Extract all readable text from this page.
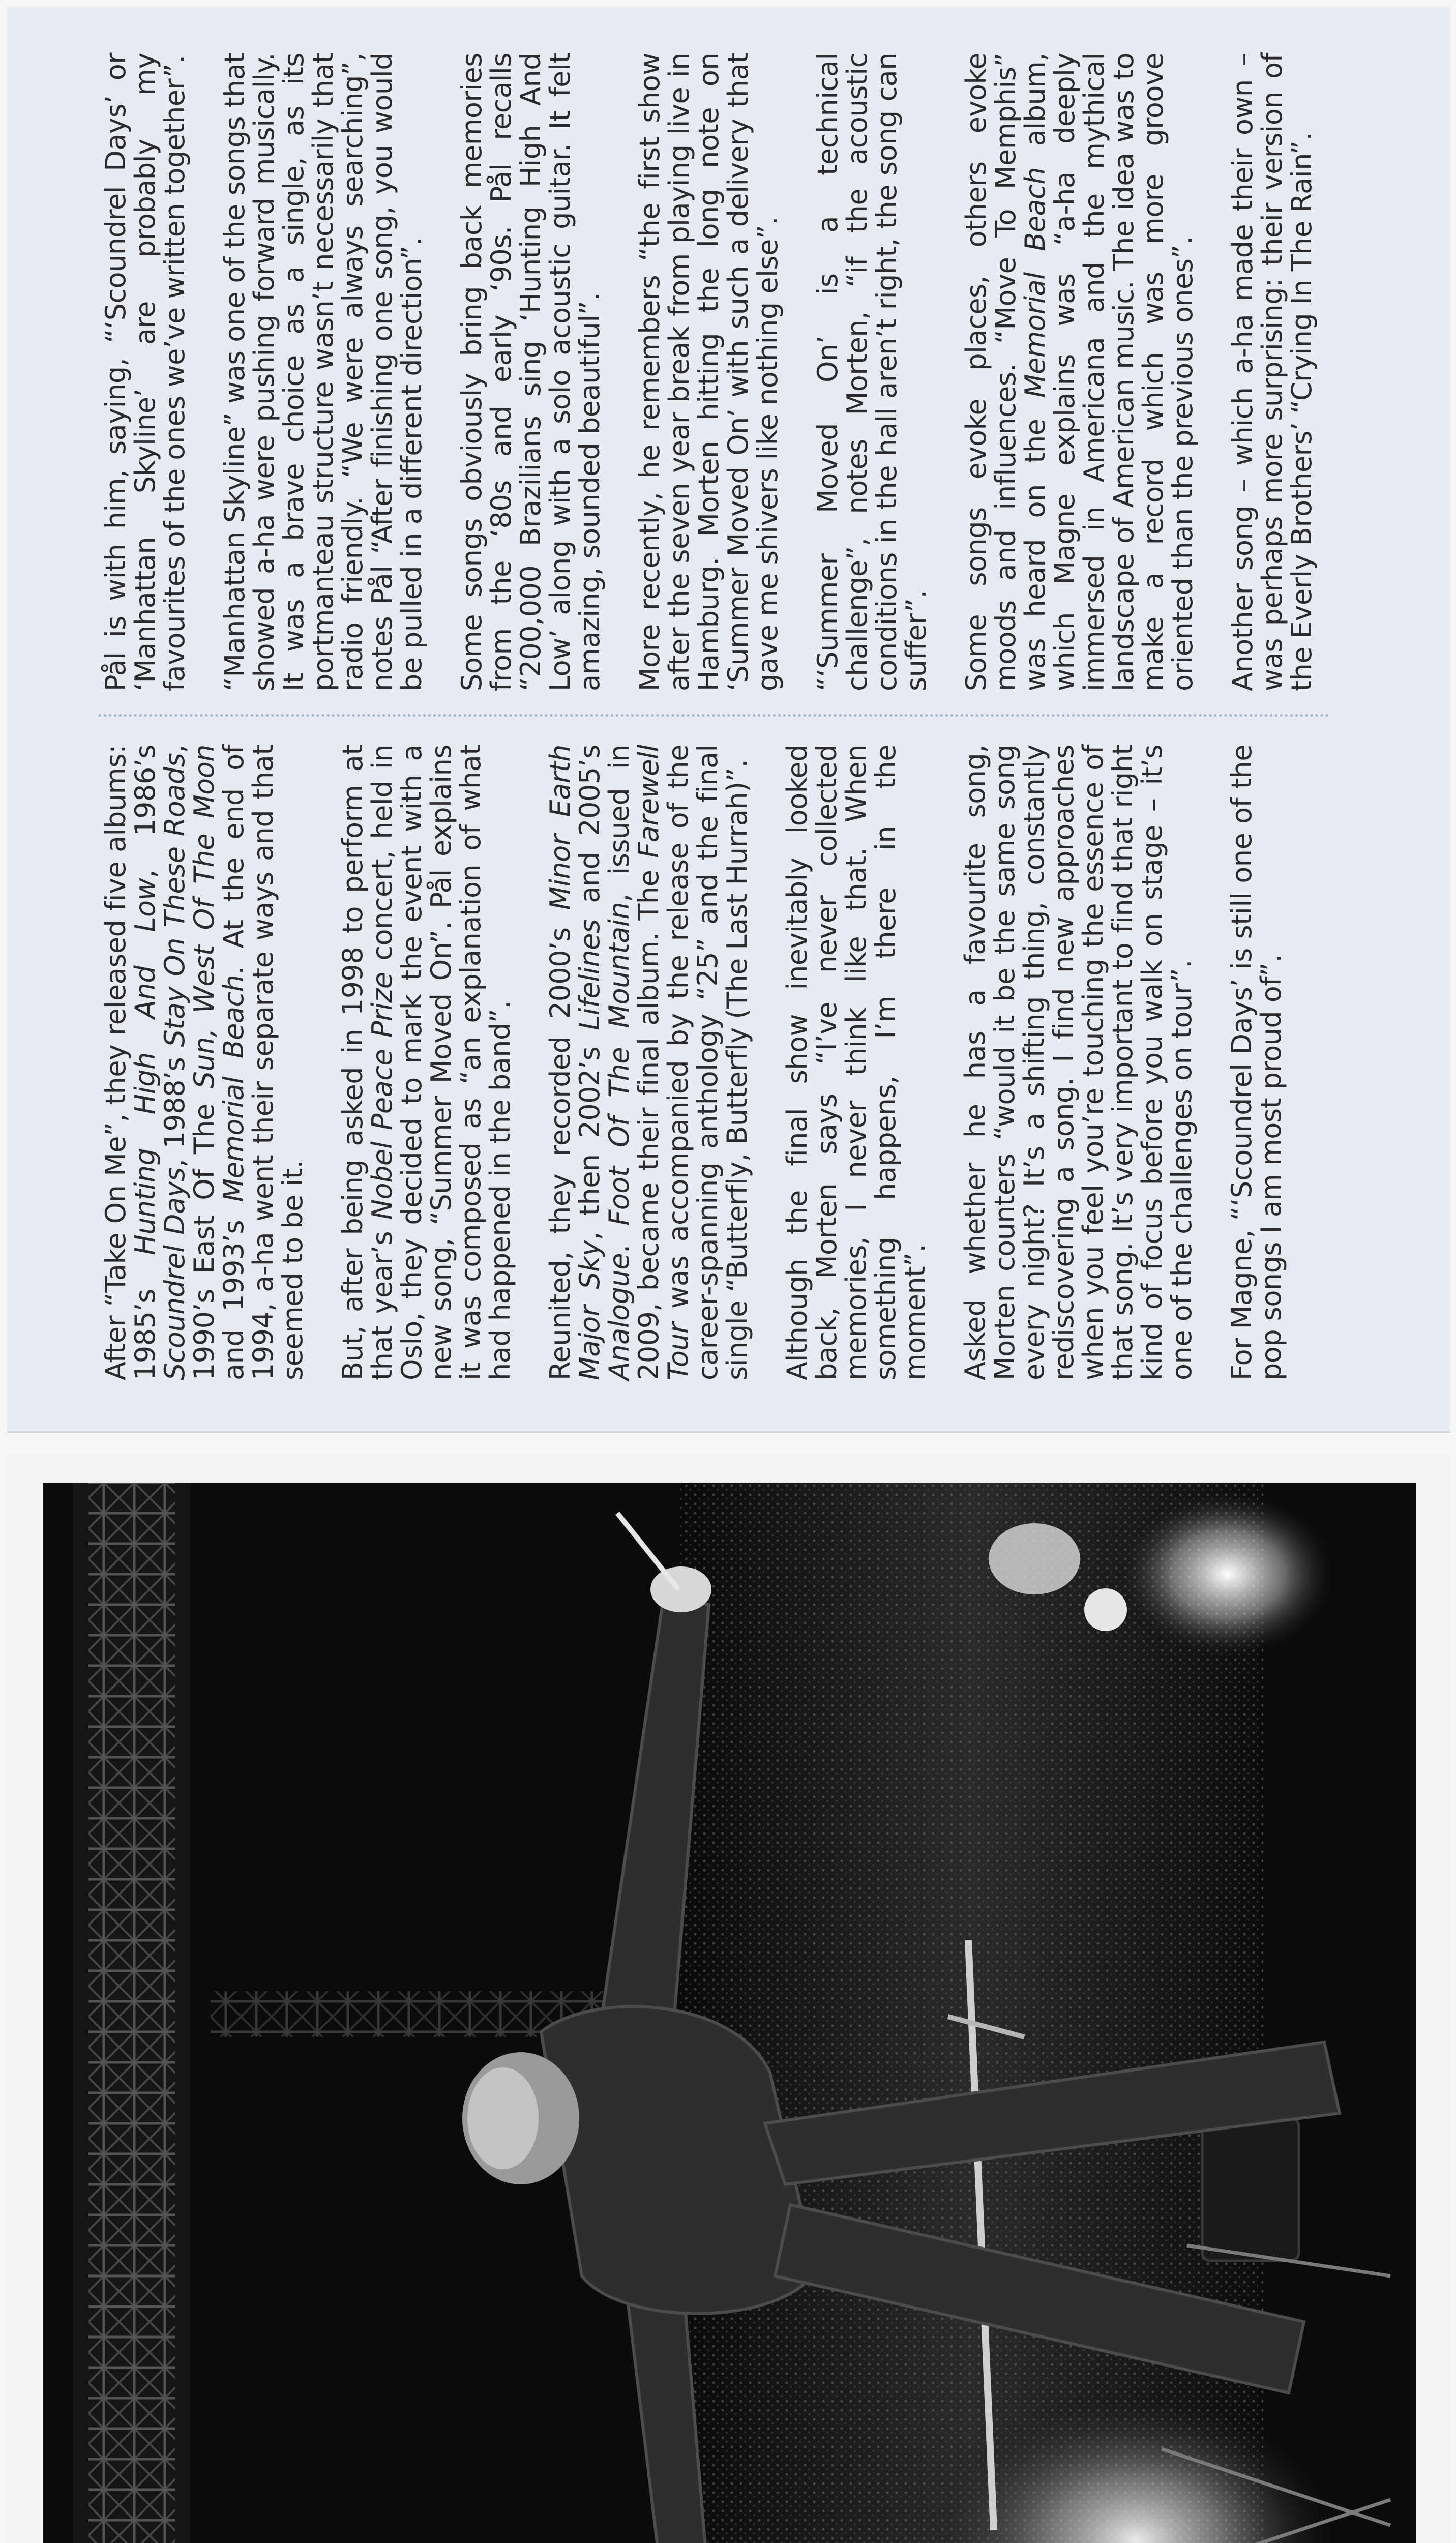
After “Take On Me”, they released five albums: 1985’s Hunting High And Low, 1986’s Scoundrel Days, 1988’s Stay On These Roads, 1990’s East Of The Sun, West Of The Moon and 1993’s Memorial Beach. At the end of 1994, a-ha went their separate ways and that seemed to be it. But, after being asked in 1998 to perform at that year’s Nobel Peace Prize concert, held in Oslo, they decided to mark the event with a new song, “Summer Moved On”. Pål explains it was composed as “an explanation of what had happened in the band”. Reunited, they recorded 2000’s Minor Earth Major Sky, then 2002’s Lifelines and 2005’s Analogue. Foot Of The Mountain, issued in 2009, became their final album. The Farewell Tour was accompanied by the release of the career-spanning anthology “25” and the final single “Butterfly, Butterfly (The Last Hurrah)”. Although the final show inevitably looked back, Morten says “I’ve never collected memories, I never think like that. When something happens, I’m there in the moment”. Asked whether he has a favourite song, Morten counters “would it be the same song every night? It’s a shifting thing, constantly rediscovering a song. I find new approaches when you feel you’re touching the essence of that song. It’s very important to find that right kind of focus before you walk on stage – it’s one of the challenges on tour”. For Magne, “‘Scoundrel Days’ is still one of the pop songs I am most proud of”.

Pål is with him, saying, “‘Scoundrel Days’ or ‘Manhattan Skyline’ are probably my favourites of the ones we’ve written together”. “Manhattan Skyline” was one of the songs that showed a-ha were pushing forward musically. It was a brave choice as a single, as its portmanteau structure wasn’t necessarily that radio friendly. “We were always searching”, notes Pål “After finishing one song, you would be pulled in a different direction”. Some songs obviously bring back memories from the ‘80s and early ‘90s. Pål recalls “200,000 Brazilians sing ‘Hunting High And Low’ along with a solo acoustic guitar. It felt amazing, sounded beautiful”. More recently, he remembers “the first show after the seven year break from playing live in Hamburg. Morten hitting the long note on ‘Summer Moved On’ with such a delivery that gave me shivers like nothing else”. “‘Summer Moved On’ is a technical challenge”, notes Morten, “if the acoustic conditions in the hall aren’t right, the song can suffer”. Some songs evoke places, others evoke moods and influences. “Move To Memphis” was heard on the Memorial Beach album, which Magne explains was “a-ha deeply immersed in Americana and the mythical landscape of American music. The idea was to make a record which was more groove oriented than the previous ones”. Another song – which a-ha made their own – was perhaps more surprising: their version of the Everly Brothers’ “Crying In The Rain”.
